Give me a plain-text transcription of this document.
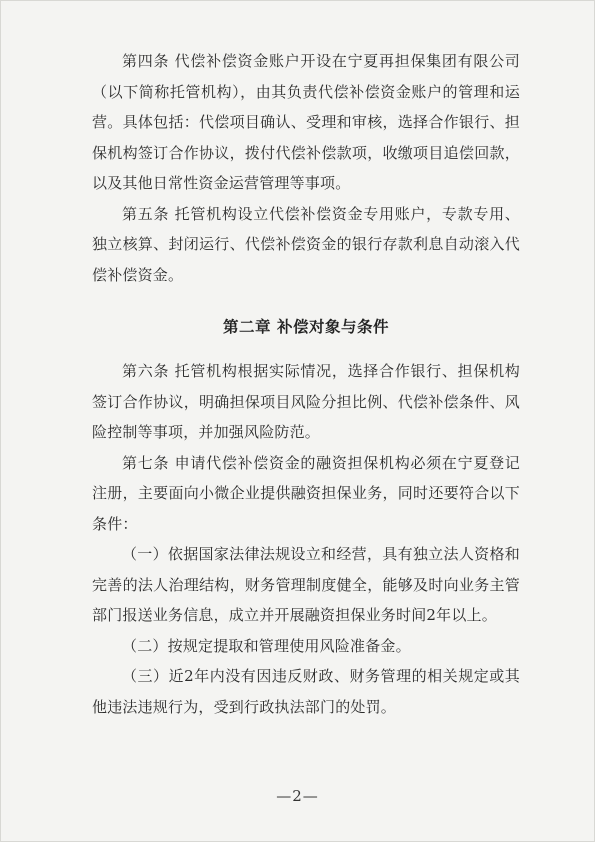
第四条 代偿补偿资金账户开设在宁夏再担保集团有限公司（以下简称托管机构），由其负责代偿补偿资金账户的管理和运营。具体包括：代偿项目确认、受理和审核，选择合作银行、担保机构签订合作协议，拨付代偿补偿款项，收缴项目追偿回款，以及其他日常性资金运营管理等事项。

第五条 托管机构设立代偿补偿资金专用账户，专款专用、独立核算、封闭运行、代偿补偿资金的银行存款利息自动滚入代偿补偿资金。

第二章 补偿对象与条件

第六条 托管机构根据实际情况，选择合作银行、担保机构签订合作协议，明确担保项目风险分担比例、代偿补偿条件、风险控制等事项，并加强风险防范。

第七条 申请代偿补偿资金的融资担保机构必须在宁夏登记注册，主要面向小微企业提供融资担保业务，同时还要符合以下条件：

（一）依据国家法律法规设立和经营，具有独立法人资格和完善的法人治理结构，财务管理制度健全，能够及时向业务主管部门报送业务信息，成立并开展融资担保业务时间2年以上。

（二）按规定提取和管理使用风险准备金。

（三）近2年内没有因违反财政、财务管理的相关规定或其他违法违规行为，受到行政执法部门的处罚。

—2—
